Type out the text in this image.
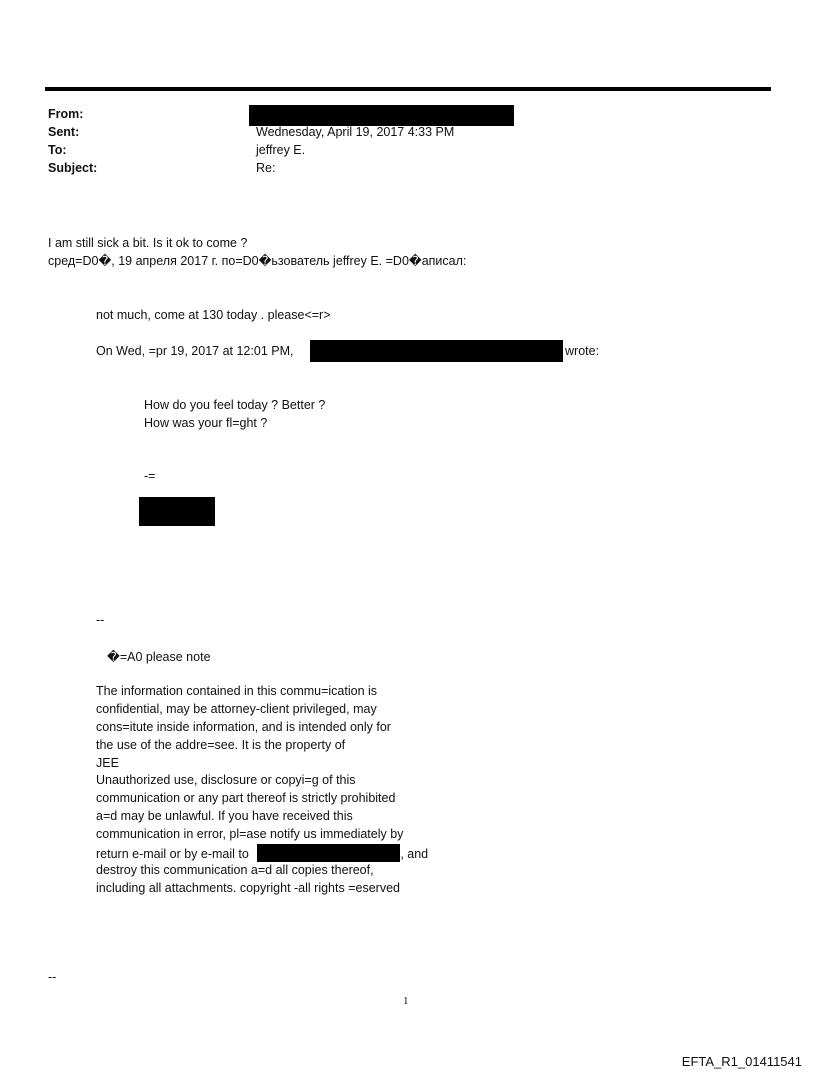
From:
Sent:	Wednesday, April 19, 2017 4:33 PM
To:	jeffrey E.
Subject:	Re:
I am still sick a bit. Is it ok to come ?
сред=D0�, 19 апреля 2017 г. по=D0�ьзователь jeffrey E. =D0�аписал:
not much, come at 130 today . please<=r>
On Wed, =pr 19, 2017 at 12:01 PM,	wrote:
How do you feel today ? Better ?
How was your fl=ght ?
-=
--
�=A0 please note
The information contained in this commu=ication is
confidential, may be attorney-client privileged, may
cons=itute inside information, and is intended only for
the use of the addre=see. It is the property of
JEE
Unauthorized use, disclosure or copyi=g of this
communication or any part thereof is strictly prohibited
a=d may be unlawful. If you have received this
communication in error, pl=ase notify us immediately by
return e-mail or by e-mail to	, and
destroy this communication a=d all copies thereof,
including all attachments. copyright -all rights =eserved
--
1
EFTA_R1_01411541
